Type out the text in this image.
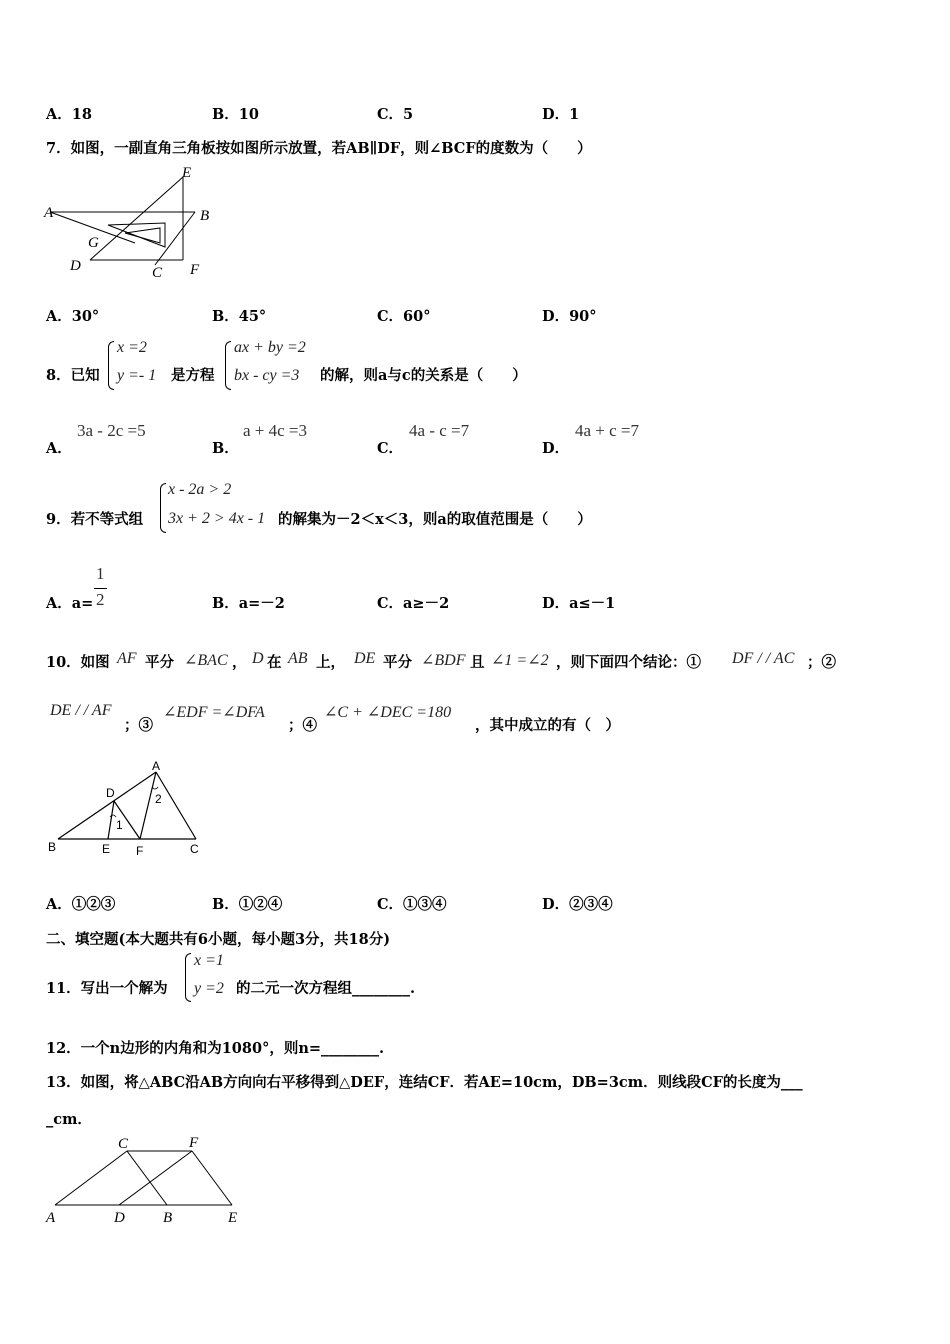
A．18	B．10	C．5	D．1
7．如图，一副直角三角板按如图所示放置，若AB∥DF，则∠BCF的度数为（　　）
E
A	B
G
D	C F
A．30°	B．45°	C．60°	D．90°
8．已知
x =2
y =- 1 是方程
ax + by =2
bx - cy =3 的解，则a与c的关系是（　　）
A．
3a - 2c =5
B．
a + 4c =3
C．
4a - c =7
D．
4a + c =7
9．若不等式组
x - 2a > 2
3x + 2 > 4x - 1 的解集为－2＜x＜3，则a的取值范围是（　　）
A．a=
1
2	B．a=－2	C．a≥－2	D．a≤－1
10．如图 AF 平分 ∠BAC ， D 在 AB 上， DE 平分 ∠BDF 且 ∠1 =∠2 ，则下面四个结论：① DF / / AC ；②
DE / / AF
；③
∠EDF =∠DFA
；④
∠C + ∠DEC =180
，其中成立的有（　）
A
D	2
1
B	E F	C
A．①②③	B．①②④	C．①③④	D．②③④
二、填空题(本大题共有6小题，每小题3分，共18分)
11．写出一个解为
x =1
y =2 的二元一次方程组________.
12．一个n边形的内角和为1080°，则n=________.
13．如图，将△ABC沿AB方向向右平移得到△DEF，连结CF．若AE=10cm，DB=3cm．则线段CF的长度为___
_cm．
C	F
A	D	B	E
